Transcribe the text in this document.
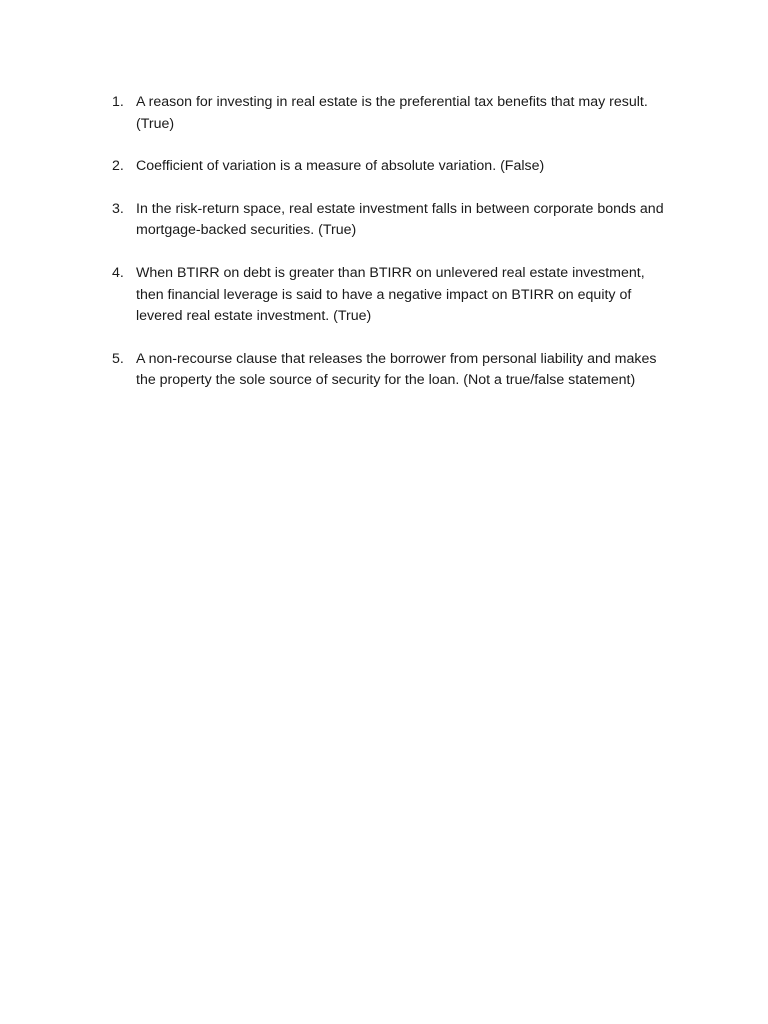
1. A reason for investing in real estate is the preferential tax benefits that may result. (True)
2. Coefficient of variation is a measure of absolute variation. (False)
3. In the risk-return space, real estate investment falls in between corporate bonds and mortgage-backed securities. (True)
4. When BTIRR on debt is greater than BTIRR on unlevered real estate investment, then financial leverage is said to have a negative impact on BTIRR on equity of levered real estate investment. (True)
5. A non-recourse clause that releases the borrower from personal liability and makes the property the sole source of security for the loan. (Not a true/false statement)
